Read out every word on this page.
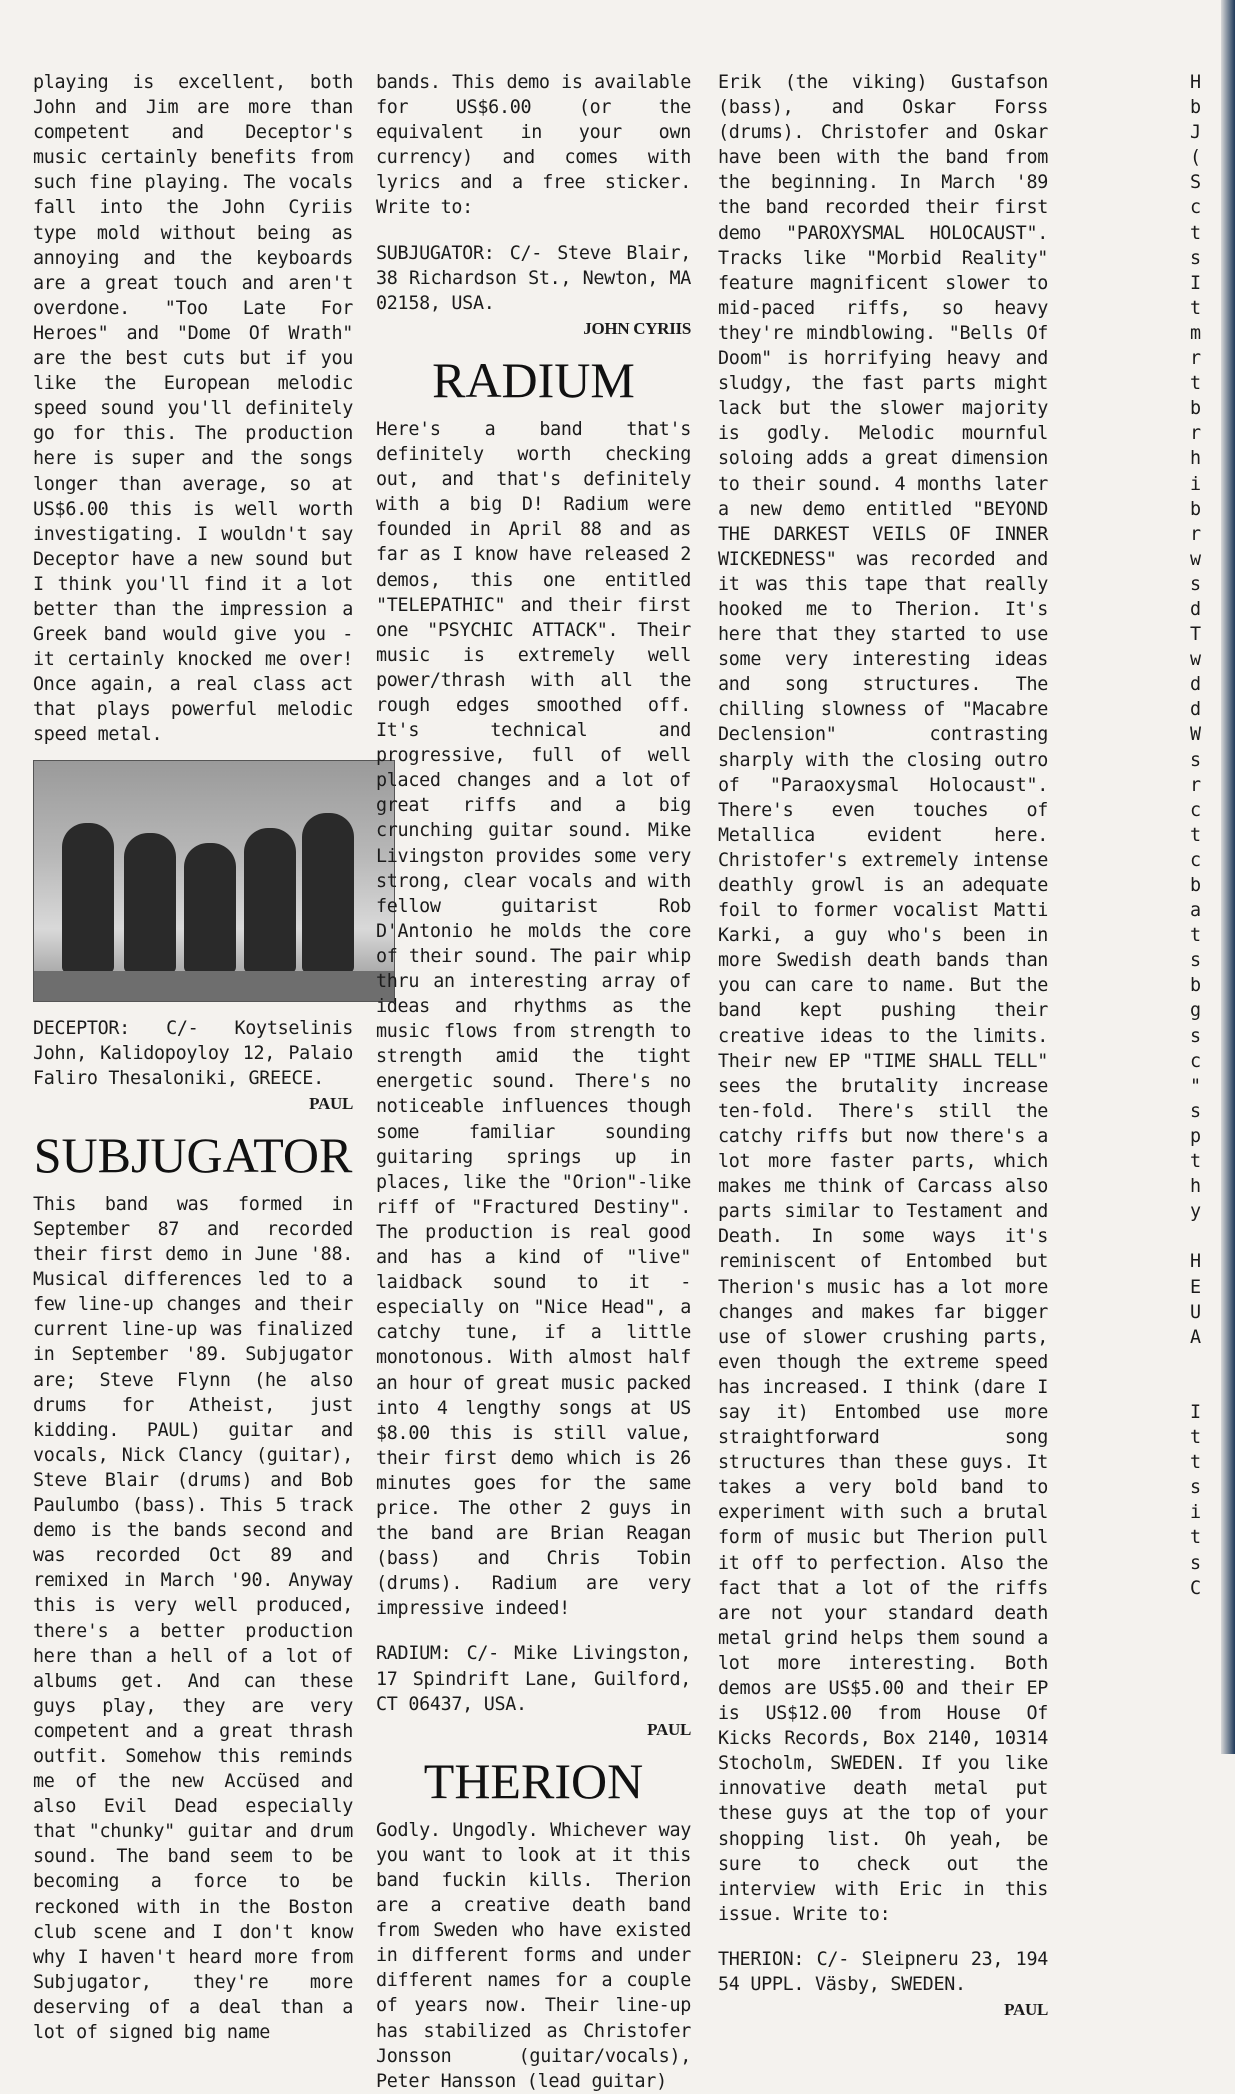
playing is excellent, both John and Jim are more than competent and Deceptor's music certainly benefits from such fine playing. The vocals fall into the John Cyriis type mold without being as annoying and the keyboards are a great touch and aren't overdone. "Too Late For Heroes" and "Dome Of Wrath" are the best cuts but if you like the European melodic speed sound you'll definitely go for this. The production here is super and the songs longer than average, so at US$6.00 this is well worth investigating. I wouldn't say Deceptor have a new sound but I think you'll find it a lot better than the impression a Greek band would give you - it certainly knocked me over! Once again, a real class act that plays powerful melodic speed metal.

DECEPTOR: C/- Koytselinis John, Kalidopoyloy 12, Palaio Faliro Thesaloniki, GREECE.

PAUL
SUBJUGATOR

This band was formed in September 87 and recorded their first demo in June '88. Musical differences led to a few line-up changes and their current line-up was finalized in September '89. Subjugator are; Steve Flynn (he also drums for Atheist, just kidding. PAUL) guitar and vocals, Nick Clancy (guitar), Steve Blair (drums) and Bob Paulumbo (bass). This 5 track demo is the bands second and was recorded Oct 89 and remixed in March '90. Anyway this is very well produced, there's a better production here than a hell of a lot of albums get. And can these guys play, they are very competent and a great thrash outfit. Somehow this reminds me of the new Accüsed and also Evil Dead especially that "chunky" guitar and drum sound. The band seem to be becoming a force to be reckoned with in the Boston club scene and I don't know why I haven't heard more from Subjugator, they're more deserving of a deal than a lot of signed big name

bands. This demo is available for US$6.00 (or the equivalent in your own currency) and comes with lyrics and a free sticker. Write to:

SUBJUGATOR: C/- Steve Blair, 38 Richardson St., Newton, MA 02158, USA.

JOHN CYRIIS
RADIUM

Here's a band that's definitely worth checking out, and that's definitely with a big D! Radium were founded in April 88 and as far as I know have released 2 demos, this one entitled "TELEPATHIC" and their first one "PSYCHIC ATTACK". Their music is extremely well power/thrash with all the rough edges smoothed off. It's technical and progressive, full of well placed changes and a lot of great riffs and a big crunching guitar sound. Mike Livingston provides some very strong, clear vocals and with fellow guitarist Rob D'Antonio he molds the core of their sound. The pair whip thru an interesting array of ideas and rhythms as the music flows from strength to strength amid the tight energetic sound. There's no noticeable influences though some familiar sounding guitaring springs up in places, like the "Orion"-like riff of "Fractured Destiny". The production is real good and has a kind of "live" laidback sound to it - especially on "Nice Head", a catchy tune, if a little monotonous. With almost half an hour of great music packed into 4 lengthy songs at US $8.00 this is still value, their first demo which is 26 minutes goes for the same price. The other 2 guys in the band are Brian Reagan (bass) and Chris Tobin (drums). Radium are very impressive indeed!

RADIUM: C/- Mike Livingston, 17 Spindrift Lane, Guilford, CT 06437, USA.

PAUL
THERION

Godly. Ungodly. Whichever way you want to look at it this band fuckin kills. Therion are a creative death band from Sweden who have existed in different forms and under different names for a couple of years now. Their line-up has stabilized as Christofer Jonsson (guitar/vocals), Peter Hansson (lead guitar)

Erik (the viking) Gustafson (bass), and Oskar Forss (drums). Christofer and Oskar have been with the band from the beginning. In March '89 the band recorded their first demo "PAROXYSMAL HOLOCAUST". Tracks like "Morbid Reality" feature magnificent slower to mid-paced riffs, so heavy they're mindblowing. "Bells Of Doom" is horrifying heavy and sludgy, the fast parts might lack but the slower majority is godly. Melodic mournful soloing adds a great dimension to their sound. 4 months later a new demo entitled "BEYOND THE DARKEST VEILS OF INNER WICKEDNESS" was recorded and it was this tape that really hooked me to Therion. It's here that they started to use some very interesting ideas and song structures. The chilling slowness of "Macabre Declension" contrasting sharply with the closing outro of "Paraoxysmal Holocaust". There's even touches of Metallica evident here. Christofer's extremely intense deathly growl is an adequate foil to former vocalist Matti Karki, a guy who's been in more Swedish death bands than you can care to name. But the band kept pushing their creative ideas to the limits. Their new EP "TIME SHALL TELL" sees the brutality increase ten-fold. There's still the catchy riffs but now there's a lot more faster parts, which makes me think of Carcass also parts similar to Testament and Death. In some ways it's reminiscent of Entombed but Therion's music has a lot more changes and makes far bigger use of slower crushing parts, even though the extreme speed has increased. I think (dare I say it) Entombed use more straightforward song structures than these guys. It takes a very bold band to experiment with such a brutal form of music but Therion pull it off to perfection. Also the fact that a lot of the riffs are not your standard death metal grind helps them sound a lot more interesting. Both demos are US$5.00 and their EP is US$12.00 from House Of Kicks Records, Box 2140, 10314 Stocholm, SWEDEN. If you like innovative death metal put these guys at the top of your shopping list. Oh yeah, be sure to check out the interview with Eric in this issue. Write to:

THERION: C/- Sleipneru 23, 194 54 UPPL. Väsby, SWEDEN.

PAUL
H
b
J
(
S
c
t
s
I
t
m
r
t
b
r
h
i
b
r
w
s
d
T
w
d
d
W
s
r
c
t
c
b
a
t
s
b
g
s
c
"
s
p
t
h
y

H
E
U
A

I
t
t
s
i
t
s
C
